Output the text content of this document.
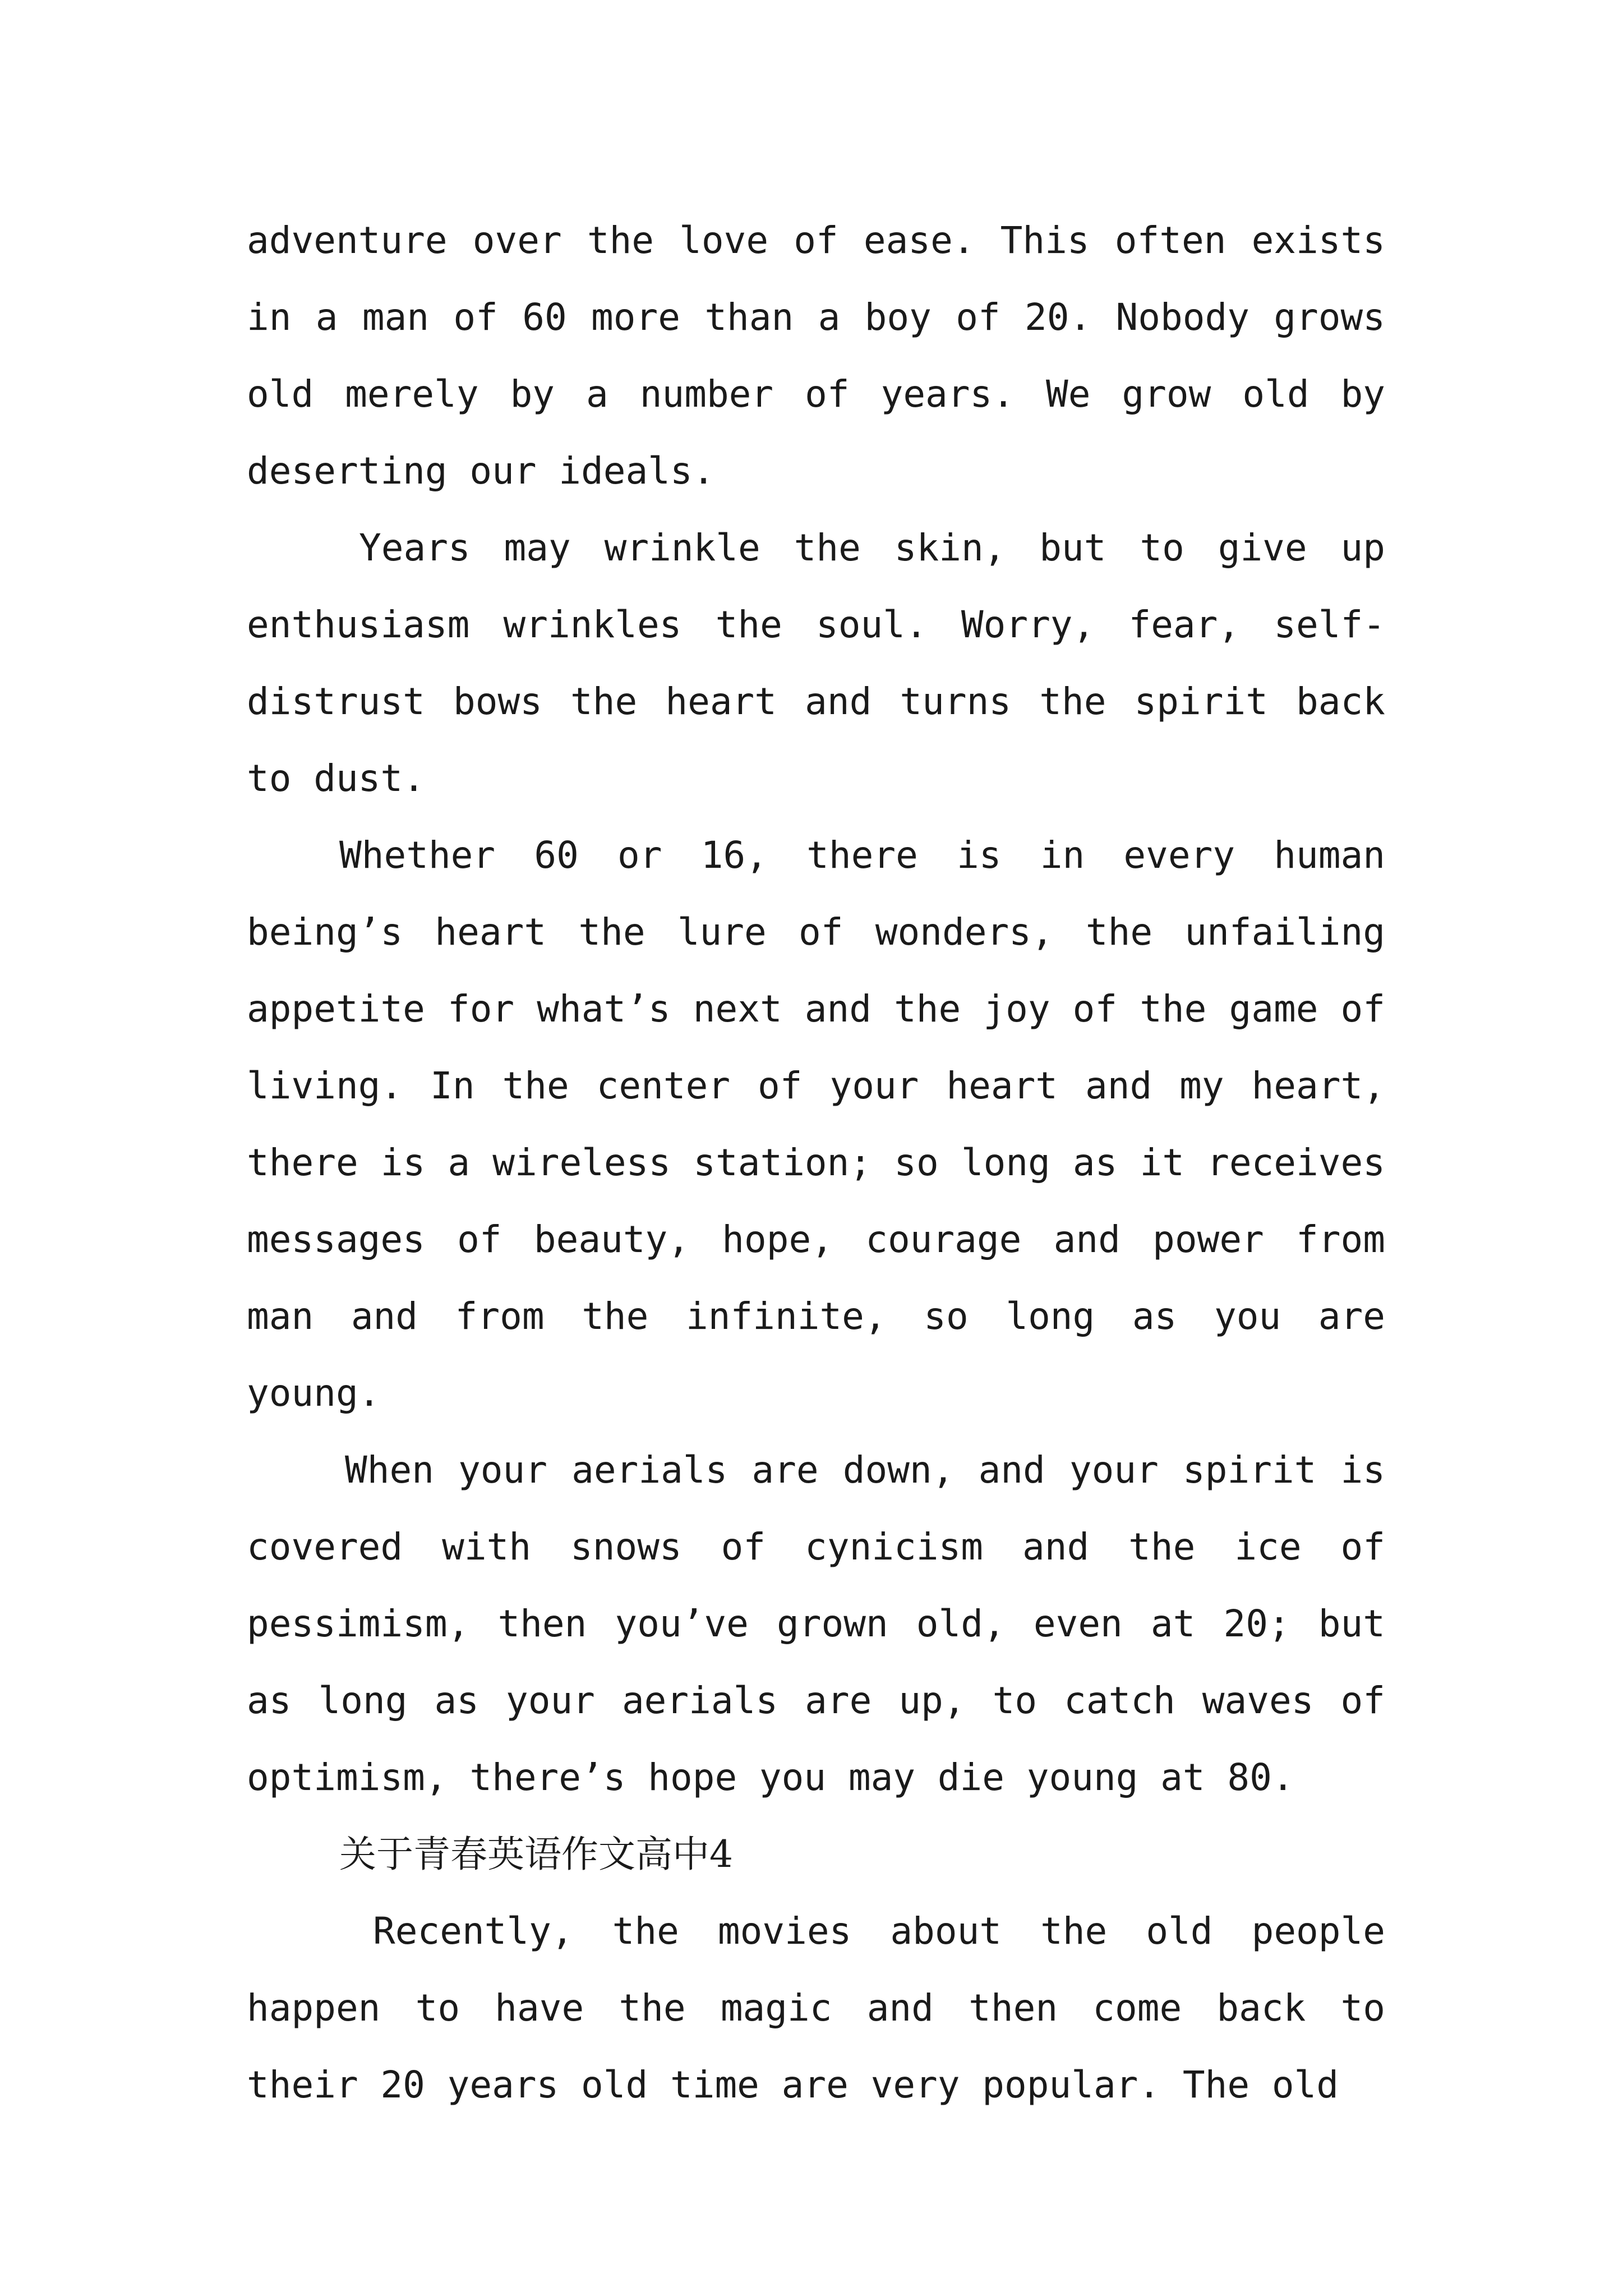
adventure over the love of ease. This often exists in a man of 60 more than a boy of 20. Nobody grows old merely by a number of years. We grow old by deserting our ideals.

Years may wrinkle the skin, but to give up enthusiasm wrinkles the soul. Worry, fear, self-distrust bows the heart and turns the spirit back to dust.

Whether 60 or 16, there is in every human being’s heart the lure of wonders, the unfailing appetite for what’s next and the joy of the game of living. In the center of your heart and my heart, there is a wireless station; so long as it receives messages of beauty, hope, courage and power from man and from the infinite, so long as you are young.

When your aerials are down, and your spirit is covered with snows of cynicism and the ice of pessimism, then you’ve grown old, even at 20; but as long as your aerials are up, to catch waves of optimism, there’s hope you may die young at 80.

关于青春英语作文高中4

Recently, the movies about the old people happen to have the magic and then come back to their 20 years old time are very popular. The old
